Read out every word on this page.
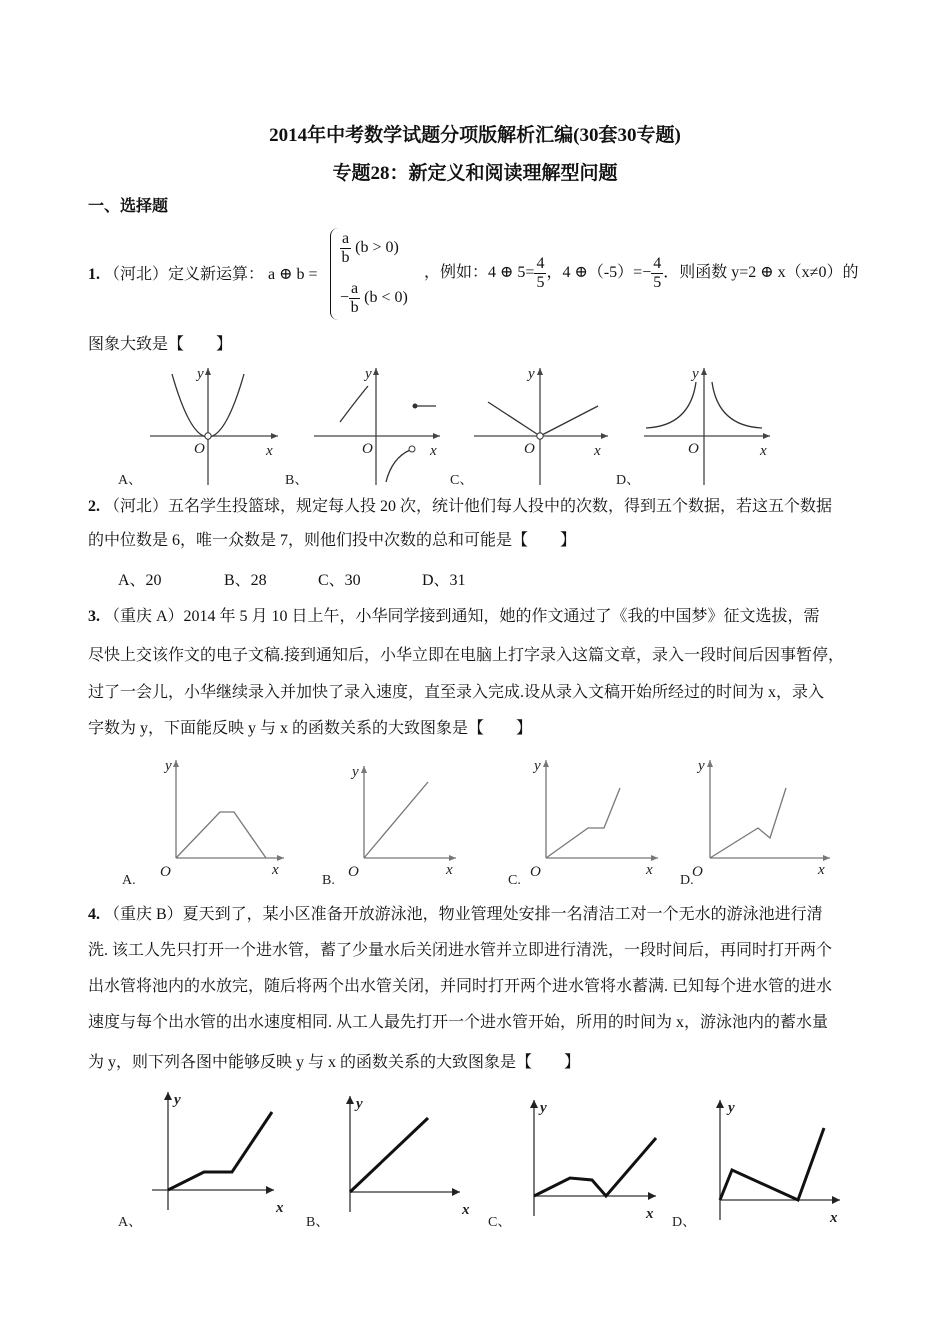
2014年中考数学试题分项版解析汇编(30套30专题)
专题28：新定义和阅读理解型问题
一、选择题
1. （河北）定义新运算： a ⊕ b =
$\frac{a}{b} (b > 0)$
− $\frac{a}{b} (b < 0)$
，例如：4 ⊕ $5= \frac{4}{5}$ ，4 ⊕（-5）=− $\frac{4}{5}$ ．则函数 y=2 ⊕ x（x≠0）的
图象大致是【　　】
y
x
O
A、
y
x
O
B、
y
x
O
C、
y
x
O
D、
2. （河北）五名学生投篮球，规定每人投 20 次，统计他们每人投中的次数，得到五个数据，若这五个数据
的中位数是 6，唯一众数是 7，则他们投中次数的总和可能是【　　】
A、20	B、28	C、30	D、31
3. （重庆 A）2014 年 5 月 10 日上午，小华同学接到通知，她的作文通过了《我的中国梦》征文选拔，需
尽快上交该作文的电子文稿.接到通知后，小华立即在电脑上打字录入这篇文章，录入一段时间后因事暂停，
过了一会儿，小华继续录入并加快了录入速度，直至录入完成.设从录入文稿开始所经过的时间为 x，录入
字数为 y，下面能反映 y 与 x 的函数关系的大致图象是【　　】
y
x
O
A.
y
x
O
B.
y
x
O
C.
y
x
O
D.
4. （重庆 B）夏天到了，某小区准备开放游泳池，物业管理处安排一名清洁工对一个无水的游泳池进行清
洗. 该工人先只打开一个进水管，蓄了少量水后关闭进水管并立即进行清洗，一段时间后，再同时打开两个
出水管将池内的水放完，随后将两个出水管关闭，并同时打开两个进水管将水蓄满. 已知每个进水管的进水
速度与每个出水管的出水速度相同. 从工人最先打开一个进水管开始，所用的时间为 x，游泳池内的蓄水量
为 y，则下列各图中能够反映 y 与 x 的函数关系的大致图象是【　　】
y
x
A、
y
x
B、
y
x
C、
y
x
D、
